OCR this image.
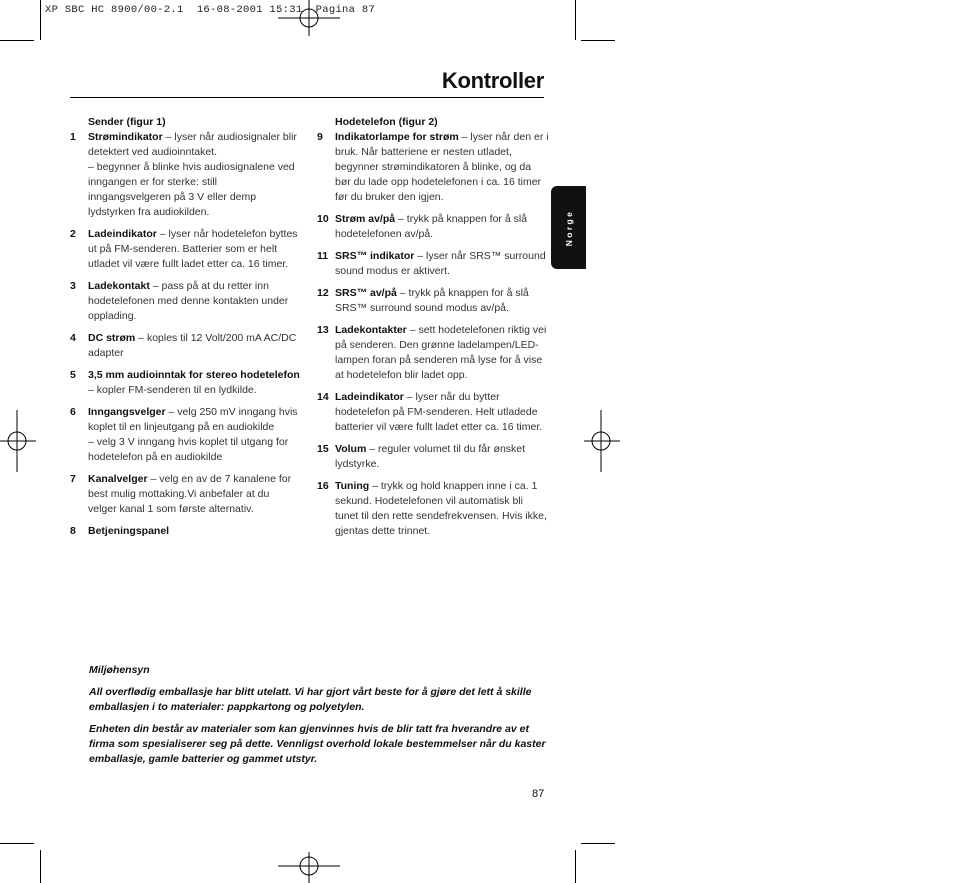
XP SBC HC 8900/00-2.1  16-08-2001 15:31  Pagina 87
Kontroller
Norge
Sender (figur 1)
1 Strømindikator – lyser når audiosignaler blir detektert ved audioinntaket.
– begynner å blinke hvis audiosignalene ved inngangen er for sterke: still inngangsvelgeren på 3 V eller demp lydstyrken fra audiokilden.
2 Ladeindikator – lyser når hodetelefon byttes ut på FM-senderen. Batterier som er helt utladet vil være fullt ladet etter ca. 16 timer.
3 Ladekontakt – pass på at du retter inn hodetelefonen med denne kontakten under opplading.
4 DC strøm – koples til 12 Volt/200 mA AC/DC adapter
5 3,5 mm audioinntak for stereo hodetelefon – kopler FM-senderen til en lydkilde.
6 Inngangsvelger – velg 250 mV inngang hvis koplet til en linjeutgang på en audiokilde
– velg 3 V inngang hvis koplet til utgang for hodetelefon på en audiokilde
7 Kanalvelger – velg en av de 7 kanalene for best mulig mottaking.Vi anbefaler at du velger kanal 1 som første alternativ.
8 Betjeningspanel
Hodetelefon (figur 2)
9 Indikatorlampe for strøm – lyser når den er i bruk. Når batteriene er nesten utladet, begynner strømindikatoren å blinke, og da bør du lade opp hodetelefonen i ca. 16 timer før du bruker den igjen.
10 Strøm av/på – trykk på knappen for å slå hodetelefonen av/på.
11 SRS™ indikator – lyser når SRS™ surround sound modus er aktivert.
12 SRS™ av/på – trykk på knappen for å slå SRS™ surround sound modus av/på.
13 Ladekontakter – sett hodetelefonen riktig vei på senderen. Den grønne ladelampen/LED-lampen foran på senderen må lyse for å vise at hodetelefon blir ladet opp.
14 Ladeindikator – lyser når du bytter hodetelefon på FM-senderen. Helt utladede batterier vil være fullt ladet etter ca. 16 timer.
15 Volum – reguler volumet til du får ønsket lydstyrke.
16 Tuning – trykk og hold knappen inne i ca. 1 sekund. Hodetelefonen vil automatisk bli tunet til den rette sendefrekvensen. Hvis ikke, gjentas dette trinnet.

Miljøhensyn

All overflødig emballasje har blitt utelatt. Vi har gjort vårt beste for å gjøre det lett å skille emballasjen i to materialer: pappkartong og polyetylen.

Enheten din består av materialer som kan gjenvinnes hvis de blir tatt fra hverandre av et firma som spesialiserer seg på dette. Vennligst overhold lokale bestemmelser når du kaster emballasje, gamle batterier og gammet utstyr.

87
